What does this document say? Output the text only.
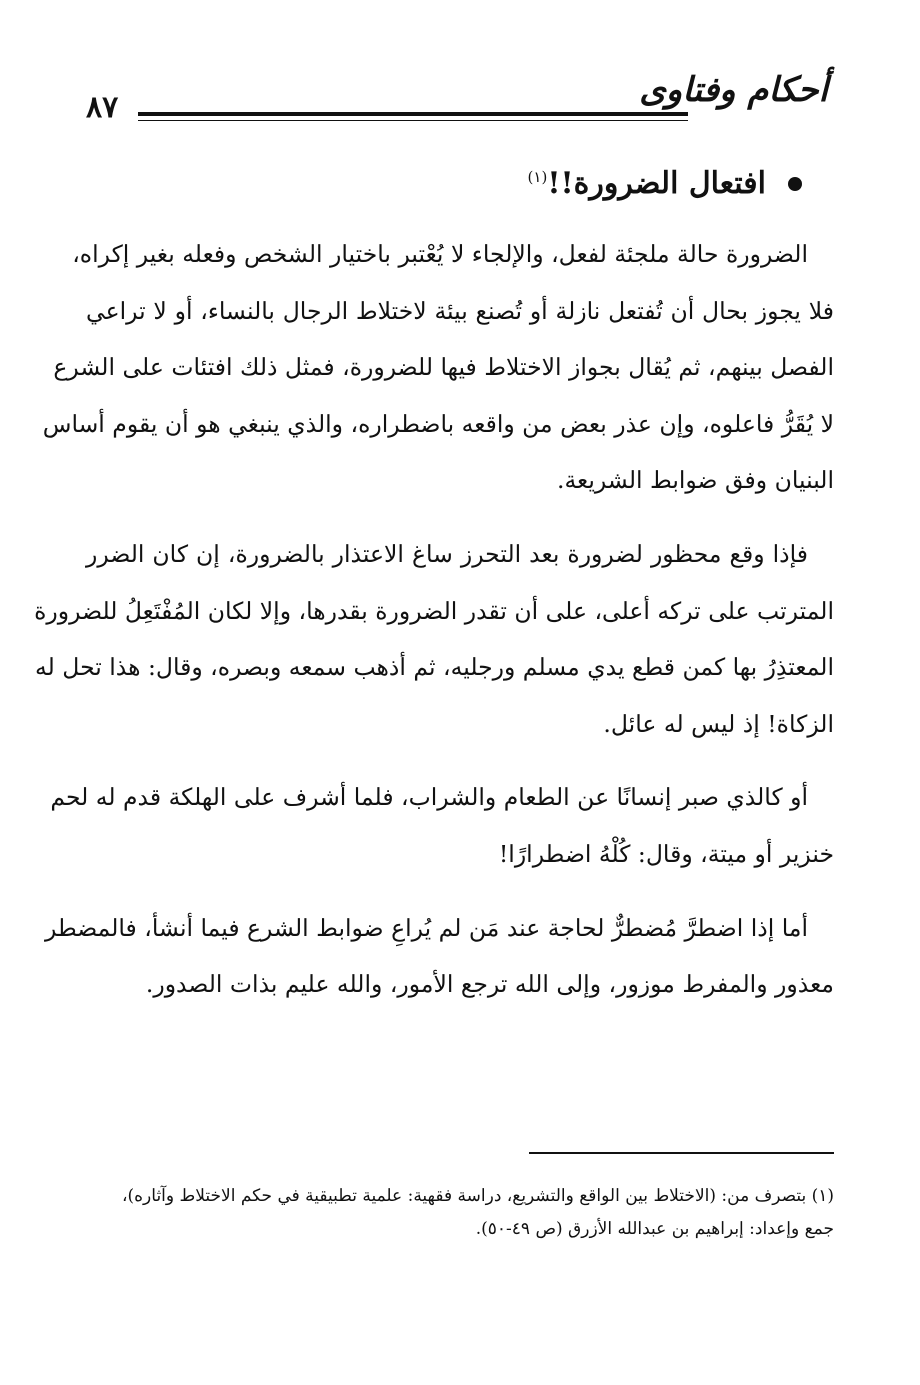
أحكام وفتاوى
٨٧
افتعال الضرورة!!$^{(١)}$
الضرورة حالة ملجئة لفعل، والإلجاء لا يُعْتبر باختيار الشخص وفعله بغير إكراه،
فلا يجوز بحال أن تُفتعل نازلة أو تُصنع بيئة لاختلاط الرجال بالنساء، أو لا تراعي
الفصل بينهم، ثم يُقال بجواز الاختلاط فيها للضرورة، فمثل ذلك افتئات على الشرع
لا يُقَرُّ فاعلوه، وإن عذر بعض من واقعه باضطراره، والذي ينبغي هو أن يقوم أساس
البنيان وفق ضوابط الشريعة.
فإذا وقع محظور لضرورة بعد التحرز ساغ الاعتذار بالضرورة، إن كان الضرر
المترتب على تركه أعلى، على أن تقدر الضرورة بقدرها، وإلا لكان المُفْتَعِلُ للضرورة
المعتذِرُ بها كمن قطع يدي مسلم ورجليه، ثم أذهب سمعه وبصره، وقال: هذا تحل له
الزكاة! إذ ليس له عائل.
أو كالذي صبر إنسانًا عن الطعام والشراب، فلما أشرف على الهلكة قدم له لحم
خنزير أو ميتة، وقال: كُلْهُ اضطرارًا!
أما إذا اضطرَّ مُضطرٌّ لحاجة عند مَن لم يُراعِ ضوابط الشرع فيما أنشأ، فالمضطر
معذور والمفرط موزور، وإلى الله ترجع الأمور، والله عليم بذات الصدور.
(١) بتصرف من: (الاختلاط بين الواقع والتشريع، دراسة فقهية: علمية تطبيقية في حكم الاختلاط وآثاره)،
جمع وإعداد: إبراهيم بن عبدالله الأزرق (ص ٤٩-٥٠).
